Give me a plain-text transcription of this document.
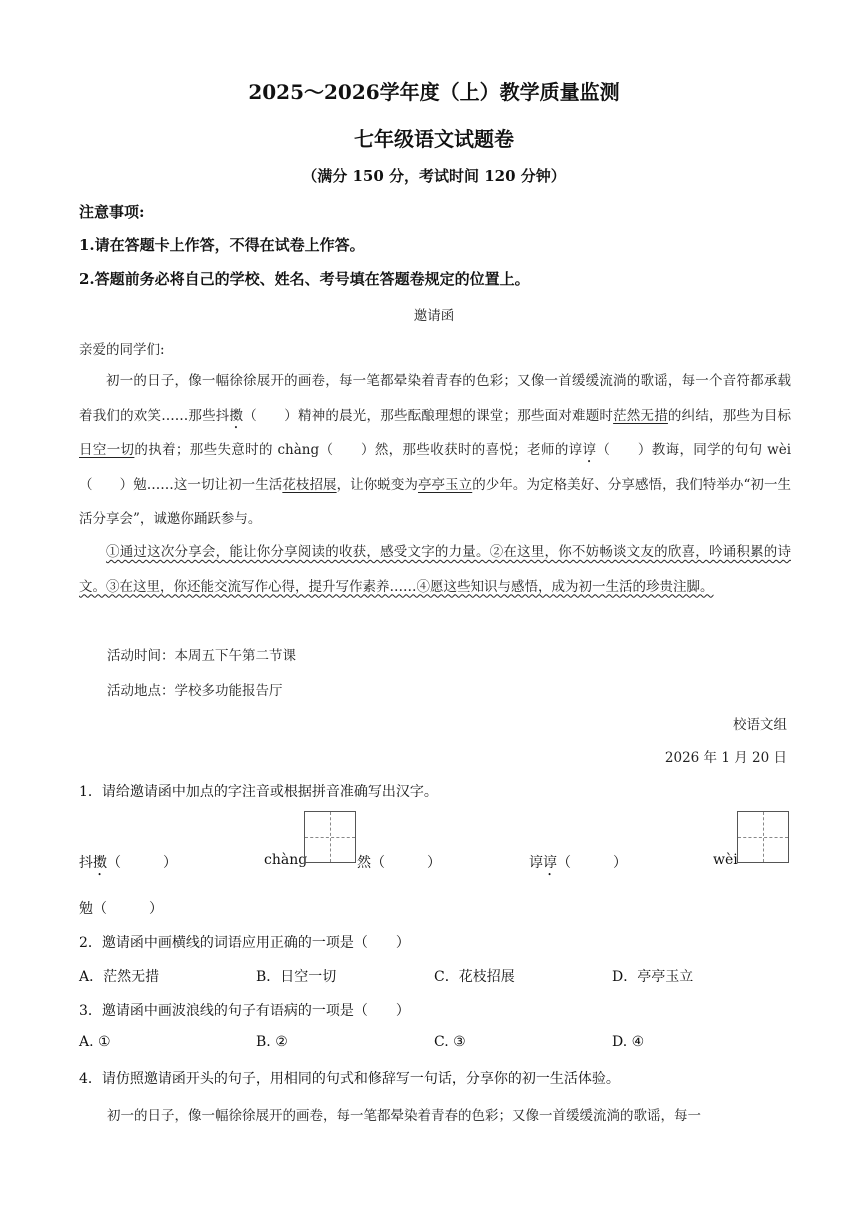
2025～2026学年度（上）教学质量监测
七年级语文试题卷
（满分 150 分，考试时间 120 分钟）
注意事项:
1.请在答题卡上作答，不得在试卷上作答。
2.答题前务必将自己的学校、姓名、考号填在答题卷规定的位置上。
邀请函
亲爱的同学们:

初一的日子，像一幅徐徐展开的画卷，每一笔都晕染着青春的色彩；又像一首缓缓流淌的歌谣，每一个音符都承载着我们的欢笑……那些抖擞（　　）精神的晨光，那些酝酿理想的课堂；那些面对难题时茫然无措的纠结，那些为目标日空一切的执着；那些失意时的 chàng（　　）然，那些收获时的喜悦；老师的谆谆（　　）教诲，同学的句句 wèi（　　）勉……这一切让初一生活花枝招展，让你蜕变为亭亭玉立的少年。为定格美好、分享感悟，我们特举办“初一生活分享会”，诚邀你踊跃参与。

①通过这次分享会，能让你分享阅读的收获，感受文字的力量。②在这里，你不妨畅谈文友的欣喜，吟诵积累的诗文。③在这里，你还能交流写作心得，提升写作素养……④愿这些知识与感悟，成为初一生活的珍贵注脚。

活动时间：本周五下午第二节课
活动地点：学校多功能报告厅
校语文组
2026 年 1 月 20 日
1．请给邀请函中加点的字注音或根据拼音准确写出汉字。
抖擞（　　　）	chàng	然（　　　）	谆谆（　　　）	wèi
勉（　　　）
2．邀请函中画横线的词语应用正确的一项是（　　）
A．茫然无措	B．日空一切	C．花枝招展	D．亭亭玉立
3．邀请函中画波浪线的句子有语病的一项是（　　）
A. ①	B. ②	C. ③	D. ④
4．请仿照邀请函开头的句子，用相同的句式和修辞写一句话，分享你的初一生活体验。
初一的日子，像一幅徐徐展开的画卷，每一笔都晕染着青春的色彩；又像一首缓缓流淌的歌谣，每一
